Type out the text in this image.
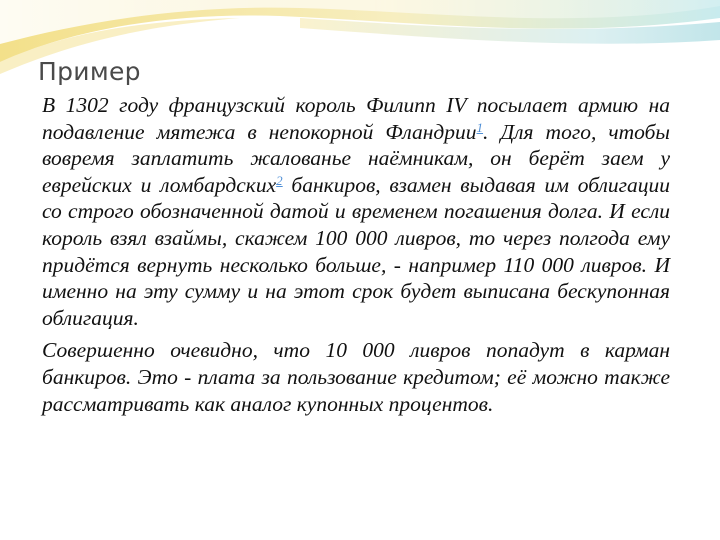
Пример

В 1302 году французский король Филипп IV посылает армию на подавление мятежа в непокорной Фландрии$^1$. Для того, чтобы вовремя заплатить жалованье наёмникам, он берёт заем у еврейских и ломбардских$^2$ банкиров, взамен выдавая им облигации со строго обозначенной датой и временем погашения долга. И если король взял взаймы, скажем 100 000 ливров, то через полгода ему придётся вернуть несколько больше, - например 110 000 ливров. И именно на эту сумму и на этот срок будет выписана бескупонная облигация.

Совершенно очевидно, что 10 000 ливров попадут в карман банкиров. Это - плата за пользование кредитом; её можно также рассматривать как аналог купонных процентов.
